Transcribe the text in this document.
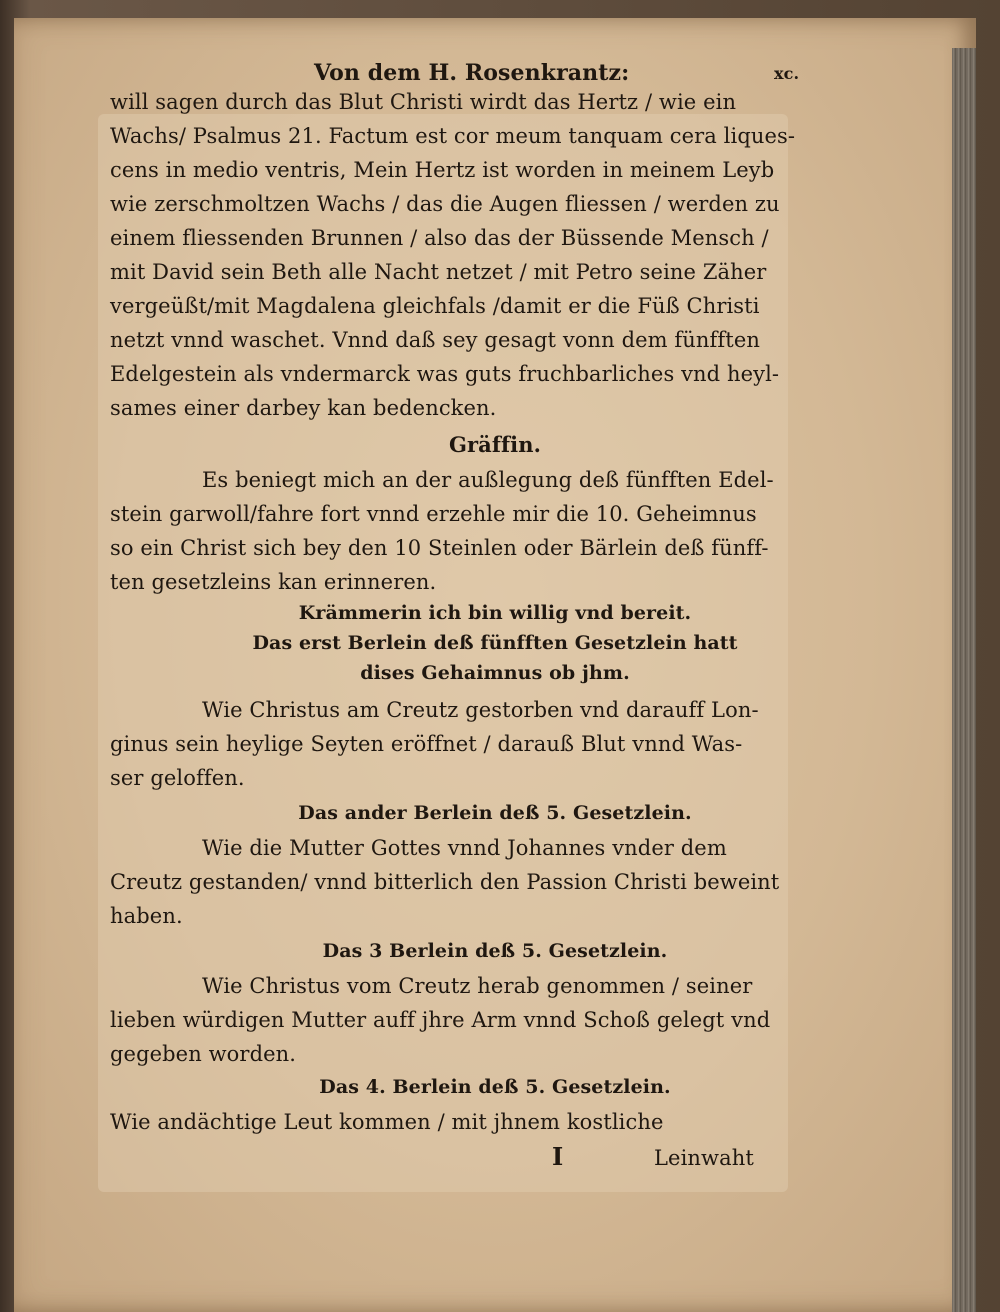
Von dem H. Rosenkrantz:	xc.
will sagen durch das Blut Christi wirdt das Hertz / wie ein
Wachs/ Psalmus 21. Factum est cor meum tanquam cera liques-
cens in medio ventris, Mein Hertz ist worden in meinem Leyb
wie zerschmoltzen Wachs / das die Augen fliessen / werden zu
einem fliessenden Brunnen / also das der Büssende Mensch /
mit David sein Beth alle Nacht netzet / mit Petro seine Zäher
vergeüßt/mit Magdalena gleichfals /damit er die Füß Christi
netzt vnnd waschet. Vnnd daß sey gesagt vonn dem fünfften
Edelgestein als vndermarck was guts fruchbarliches vnd heyl-
sames einer darbey kan bedencken.
Gräffin.
Es beniegt mich an der außlegung deß fünfften Edel-
stein garwoll/fahre fort vnnd erzehle mir die 10. Geheimnus
so ein Christ sich bey den 10 Steinlen oder Bärlein deß fünff-
ten gesetzleins kan erinneren.
Krämmerin ich bin willig vnd bereit.
Das erst Berlein deß fünfften Gesetzlein hatt
dises Gehaimnus ob jhm.
Wie Christus am Creutz gestorben vnd darauff Lon-
ginus sein heylige Seyten eröffnet / darauß Blut vnnd Was-
ser geloffen.
Das ander Berlein deß 5. Gesetzlein.
Wie die Mutter Gottes vnnd Johannes vnder dem
Creutz gestanden/ vnnd bitterlich den Passion Christi beweint
haben.
Das 3 Berlein deß 5. Gesetzlein.
Wie Christus vom Creutz herab genommen / seiner
lieben würdigen Mutter auff jhre Arm vnnd Schoß gelegt vnd
gegeben worden.
Das 4. Berlein deß 5. Gesetzlein.
Wie andächtige Leut kommen / mit jhnem kostliche
I	Leinwaht
